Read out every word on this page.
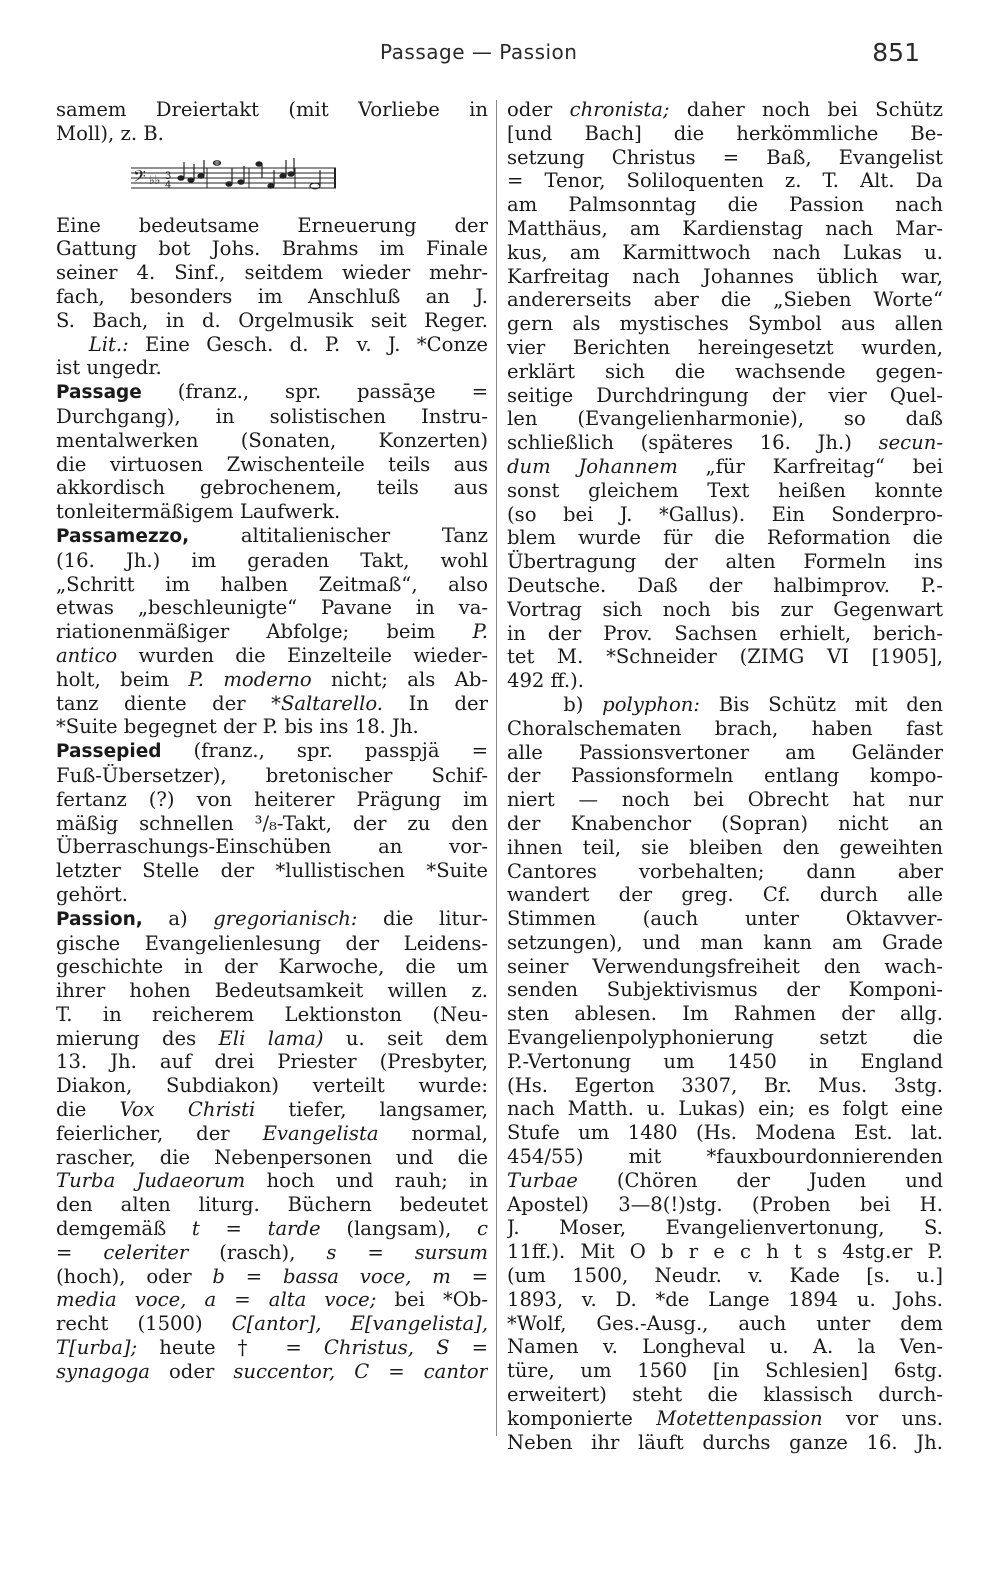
Passage — Passion	851
samem Dreiertakt (mit Vorliebe in
Moll), z. B.
𝄢 ♭♭ 3
4
Eine bedeutsame Erneuerung der
Gattung bot Johs. Brahms im Finale
seiner 4. Sinf., seitdem wieder mehr-
fach, besonders im Anschluß an J.
S. Bach, in d. Orgelmusik seit Reger.
Lit.: Eine Gesch. d. P. v. J. *Conze
ist ungedr.
Passage (franz., spr. passāʒe =
Durchgang), in solistischen Instru-
mentalwerken (Sonaten, Konzerten)
die virtuosen Zwischenteile teils aus
akkordisch gebrochenem, teils aus
tonleitermäßigem Laufwerk.
Passamezzo, altitalienischer Tanz
(16. Jh.) im geraden Takt, wohl
„Schritt im halben Zeitmaß“, also
etwas „beschleunigte“ Pavane in va-
riationenmäßiger Abfolge; beim P.
antico wurden die Einzelteile wieder-
holt, beim P. moderno nicht; als Ab-
tanz diente der *Saltarello. In der
*Suite begegnet der P. bis ins 18. Jh.
Passepied (franz., spr. passpjä =
Fuß-Übersetzer), bretonischer Schif-
fertanz (?) von heiterer Prägung im
mäßig schnellen ³/₈-Takt, der zu den
Überraschungs-Einschüben an vor-
letzter Stelle der *lullistischen *Suite
gehört.
Passion, a) gregorianisch: die litur-
gische Evangelienlesung der Leidens-
geschichte in der Karwoche, die um
ihrer hohen Bedeutsamkeit willen z.
T. in reicherem Lektionston (Neu-
mierung des Eli lama) u. seit dem
13. Jh. auf drei Priester (Presbyter,
Diakon, Subdiakon) verteilt wurde:
die Vox Christi tiefer, langsamer,
feierlicher, der Evangelista normal,
rascher, die Nebenpersonen und die
Turba Judaeorum hoch und rauh; in
den alten liturg. Büchern bedeutet
demgemäß t = tarde (langsam), c
= celeriter (rasch), s = sursum
(hoch), oder b = bassa voce, m =
media voce, a = alta voce; bei *Ob-
recht (1500) C[antor], E[vangelista],
T[urba]; heute † = Christus, S =
synagoga oder succentor, C = cantor
oder chronista; daher noch bei Schütz
[und Bach] die herkömmliche Be-
setzung Christus = Baß, Evangelist
= Tenor, Soliloquenten z. T. Alt. Da
am Palmsonntag die Passion nach
Matthäus, am Kardienstag nach Mar-
kus, am Karmittwoch nach Lukas u.
Karfreitag nach Johannes üblich war,
andererseits aber die „Sieben Worte“
gern als mystisches Symbol aus allen
vier Berichten hereingesetzt wurden,
erklärt sich die wachsende gegen-
seitige Durchdringung der vier Quel-
len (Evangelienharmonie), so daß
schließlich (späteres 16. Jh.) secun-
dum Johannem „für Karfreitag“ bei
sonst gleichem Text heißen konnte
(so bei J. *Gallus). Ein Sonderpro-
blem wurde für die Reformation die
Übertragung der alten Formeln ins
Deutsche. Daß der halbimprov. P.-
Vortrag sich noch bis zur Gegenwart
in der Prov. Sachsen erhielt, berich-
tet M. *Schneider (ZIMG VI [1905],
492 ff.).
b) polyphon: Bis Schütz mit den
Choralschematen brach, haben fast
alle Passionsvertoner am Geländer
der Passionsformeln entlang kompo-
niert — noch bei Obrecht hat nur
der Knabenchor (Sopran) nicht an
ihnen teil, sie bleiben den geweihten
Cantores vorbehalten; dann aber
wandert der greg. Cf. durch alle
Stimmen (auch unter Oktavver-
setzungen), und man kann am Grade
seiner Verwendungsfreiheit den wach-
senden Subjektivismus der Komponi-
sten ablesen. Im Rahmen der allg.
Evangelienpolyphonierung setzt die
P.-Vertonung um 1450 in England
(Hs. Egerton 3307, Br. Mus. 3stg.
nach Matth. u. Lukas) ein; es folgt eine
Stufe um 1480 (Hs. Modena Est. lat.
454/55) mit *fauxbourdonnierenden
Turbae (Chören der Juden und
Apostel) 3—8(!)stg. (Proben bei H.
J. Moser, Evangelienvertonung, S.
11ff.). Mit O b r e c h t s 4stg.er P.
(um 1500, Neudr. v. Kade [s. u.]
1893, v. D. *de Lange 1894 u. Johs.
*Wolf, Ges.-Ausg., auch unter dem
Namen v. Longheval u. A. la Ven-
türe, um 1560 [in Schlesien] 6stg.
erweitert) steht die klassisch durch-
komponierte Motettenpassion vor uns.
Neben ihr läuft durchs ganze 16. Jh.
